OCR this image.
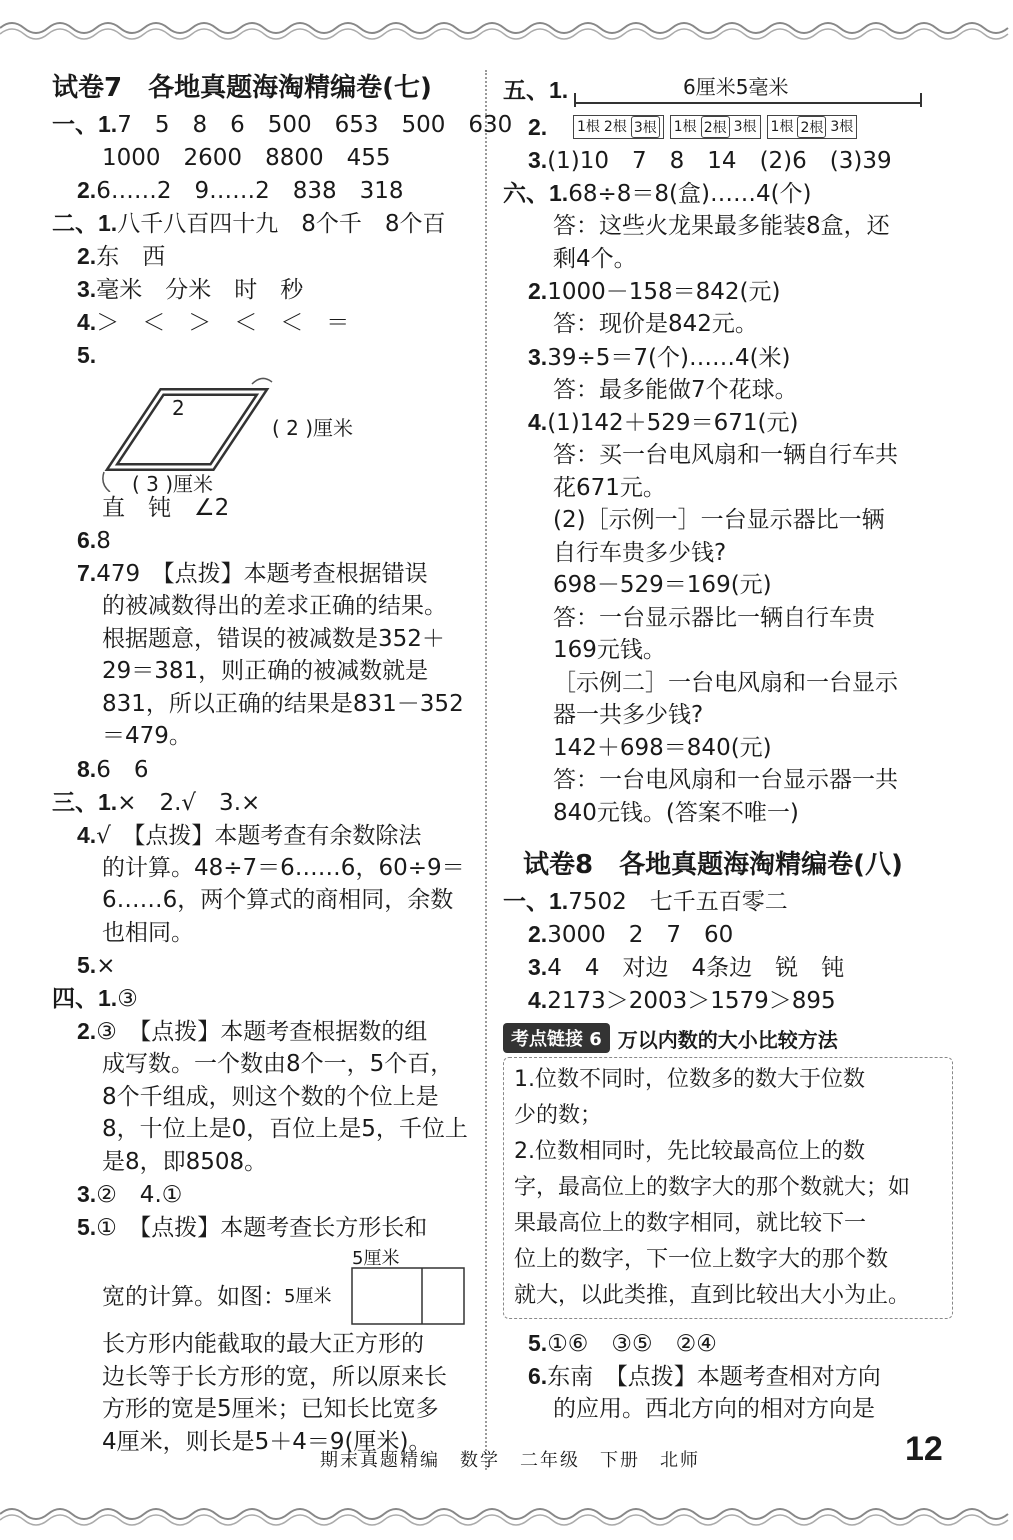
试卷7　各地真题海淘精编卷(七)

一、1.7　5　8　6　500　653　500　630

1000　2600　8800　455

2.6……2　9……2　838　318

二、1.八千八百四十九　8个千　8个百

2.东　西

3.毫米　分米　时　秒

4.＞　＜　＞　＜　＜　＝

5.

2
( 2 )厘米
( 3 )厘米

直　钝　∠2

6.8

7.479　【点拨】本题考查根据错误

的被减数得出的差求正确的结果。

根据题意，错误的被减数是352＋

29＝381，则正确的被减数就是

831，所以正确的结果是831－352

＝479。

8.6　6

三、1.×　2.√　3.×

4.√　【点拨】本题考查有余数除法

的计算。48÷7＝6……6，60÷9＝

6……6，两个算式的商相同，余数

也相同。

5.×

四、1.③

2.③　【点拨】本题考查根据数的组

成写数。一个数由8个一，5个百，

8个千组成，则这个数的个位上是

8，十位上是0，百位上是5，千位上

是8，即8508。

3.②　4.①

5.①　【点拨】本题考查长方形长和

宽的计算。如图：
5厘米
5厘米

长方形内能截取的最大正方形的

边长等于长方形的宽，所以原来长

方形的宽是5厘米；已知长比宽多

4厘米，则长是5＋4＝9(厘米)。

五、1.	6厘米5毫米
2.	1根 2根 3根 1根 2根 3根 1根 2根 3根

3.(1)10　7　8　14　(2)6　(3)39

六、1.68÷8＝8(盒)……4(个)

答：这些火龙果最多能装8盒，还

剩4个。

2.1000－158＝842(元)

答：现价是842元。

3.39÷5＝7(个)……4(米)

答：最多能做7个花球。

4.(1)142＋529＝671(元)

答：买一台电风扇和一辆自行车共

花671元。

(2)［示例一］一台显示器比一辆

自行车贵多少钱?

698－529＝169(元)

答：一台显示器比一辆自行车贵

169元钱。

［示例二］一台电风扇和一台显示

器一共多少钱?

142＋698＝840(元)

答：一台电风扇和一台显示器一共

840元钱。(答案不唯一)

试卷8　各地真题海淘精编卷(八)

一、1.7502　七千五百零二

2.3000　2　7　60

3.4　4　对边　4条边　锐　钝

4.2173＞2003＞1579＞895

考点链接 6 万以内数的大小比较方法

1.位数不同时，位数多的数大于位数

少的数；

2.位数相同时，先比较最高位上的数

字，最高位上的数字大的那个数就大；如

果最高位上的数字相同，就比较下一

位上的数字，下一位上数字大的那个数

就大，以此类推，直到比较出大小为止。

5.①⑥　③⑤　②④

6.东南　【点拨】本题考查相对方向

的应用。西北方向的相对方向是

期末真题精编　数学　二年级　下册　北师	12
